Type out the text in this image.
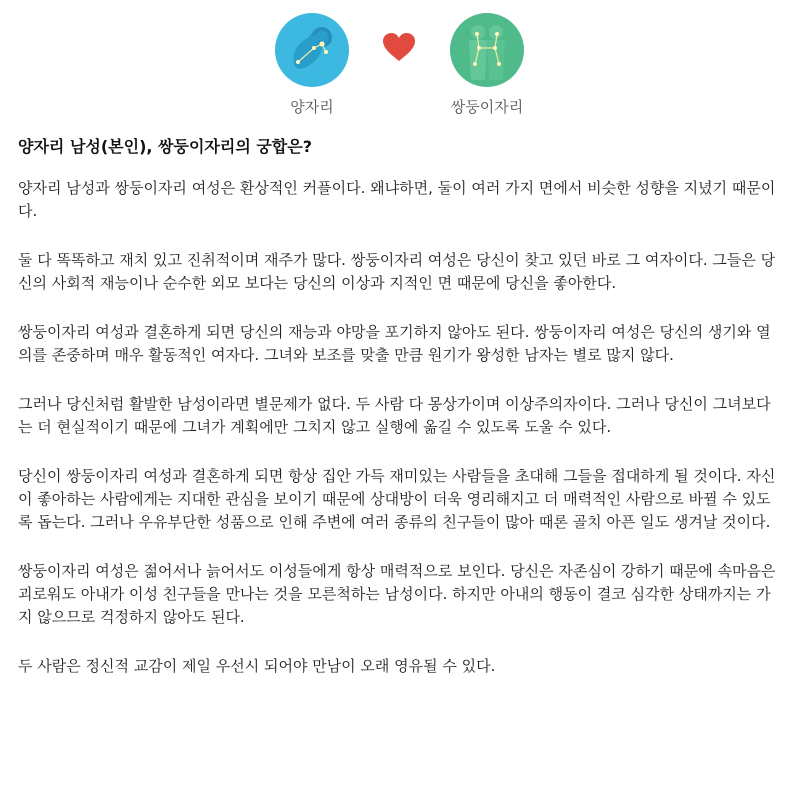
양자리	쌍둥이자리
양자리 남성(본인), 쌍둥이자리의 궁합은?

양자리 남성과 쌍둥이자리 여성은 환상적인 커플이다. 왜냐하면, 둘이 여러 가지 면에서 비슷한 성향을 지녔기 때문이다.

둘 다 똑똑하고 재치 있고 진취적이며 재주가 많다. 쌍둥이자리 여성은 당신이 찾고 있던 바로 그 여자이다. 그들은 당신의 사회적 재능이나 순수한 외모 보다는 당신의 이상과 지적인 면 때문에 당신을 좋아한다.

쌍둥이자리 여성과 결혼하게 되면 당신의 재능과 야망을 포기하지 않아도 된다. 쌍둥이자리 여성은 당신의 생기와 열의를 존중하며 매우 활동적인 여자다. 그녀와 보조를 맞출 만큼 원기가 왕성한 남자는 별로 많지 않다.

그러나 당신처럼 활발한 남성이라면 별문제가 없다. 두 사람 다 몽상가이며 이상주의자이다. 그러나 당신이 그녀보다는 더 현실적이기 때문에 그녀가 계획에만 그치지 않고 실행에 옮길 수 있도록 도울 수 있다.

당신이 쌍둥이자리 여성과 결혼하게 되면 항상 집안 가득 재미있는 사람들을 초대해 그들을 접대하게 될 것이다. 자신이 좋아하는 사람에게는 지대한 관심을 보이기 때문에 상대방이 더욱 영리해지고 더 매력적인 사람으로 바뀔 수 있도록 돕는다. 그러나 우유부단한 성품으로 인해 주변에 여러 종류의 친구들이 많아 때론 골치 아픈 일도 생겨날 것이다.

쌍둥이자리 여성은 젊어서나 늙어서도 이성들에게 항상 매력적으로 보인다. 당신은 자존심이 강하기 때문에 속마음은 괴로워도 아내가 이성 친구들을 만나는 것을 모른척하는 남성이다. 하지만 아내의 행동이 결코 심각한 상태까지는 가지 않으므로 걱정하지 않아도 된다.

두 사람은 정신적 교감이 제일 우선시 되어야 만남이 오래 영유될 수 있다.
